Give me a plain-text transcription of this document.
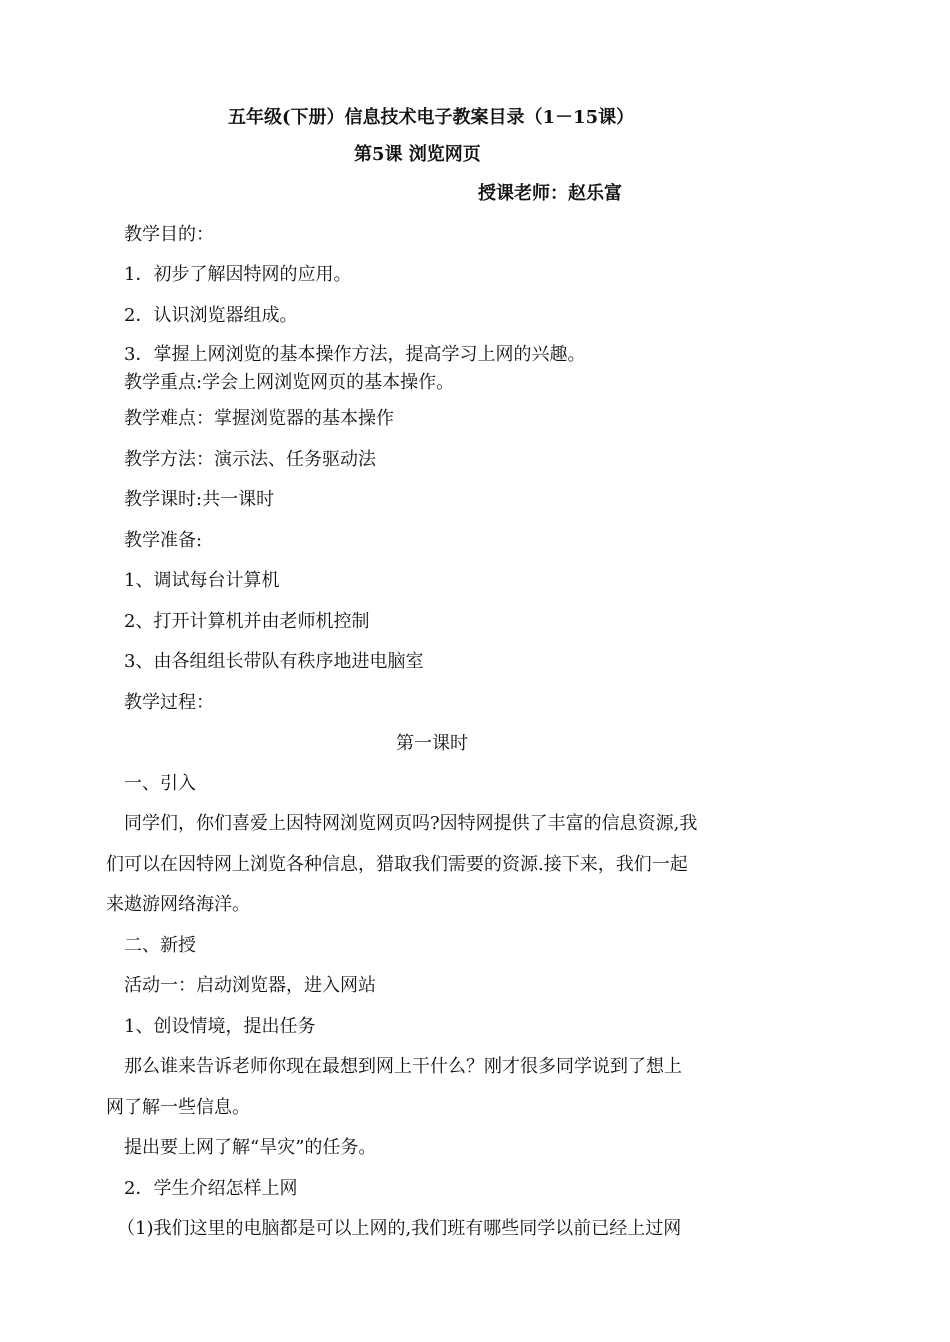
五年级(下册）信息技术电子教案目录（1－15课）
第5课 浏览网页
授课老师：赵乐富
教学目的：
1．初步了解因特网的应用。
2．认识浏览器组成。
3．掌握上网浏览的基本操作方法，提高学习上网的兴趣。
教学重点:学会上网浏览网页的基本操作。
教学难点：掌握浏览器的基本操作
教学方法：演示法、任务驱动法
教学课时:共一课时
教学准备:
1、调试每台计算机
2、打开计算机并由老师机控制
3、由各组组长带队有秩序地进电脑室
教学过程：
第一课时
一、引入
同学们，你们喜爱上因特网浏览网页吗?因特网提供了丰富的信息资源,我
们可以在因特网上浏览各种信息，猎取我们需要的资源.接下来，我们一起
来遨游网络海洋。
二、新授
活动一：启动浏览器，进入网站
1、创设情境，提出任务
那么谁来告诉老师你现在最想到网上干什么？刚才很多同学说到了想上
网了解一些信息。
提出要上网了解“旱灾”的任务。
2．学生介绍怎样上网
（1)我们这里的电脑都是可以上网的,我们班有哪些同学以前已经上过网
